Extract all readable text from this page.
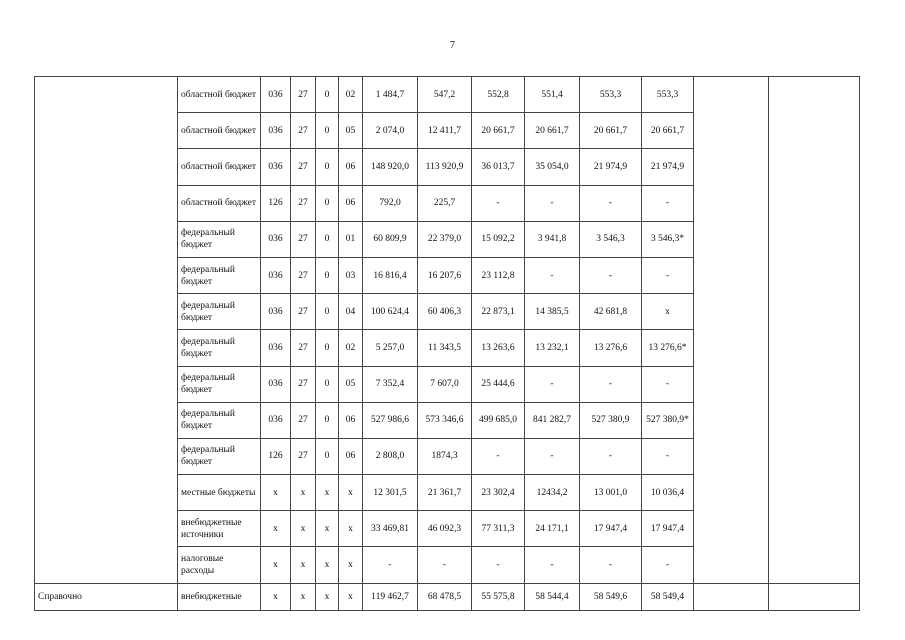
7
	областной бюджет	036	27	0	02	1 484,7	547,2	552,8	551,4	553,3	553,3		
	областной бюджет	036	27	0	05	2 074,0	12 411,7	20 661,7	20 661,7	20 661,7	20 661,7		
	областной бюджет	036	27	0	06	148 920,0	113 920,9	36 013,7	35 054,0	21 974,9	21 974,9		
	областной бюджет	126	27	0	06	792,0	225,7	-	-	-	-		
	федеральный бюджет	036	27	0	01	60 809,9	22 379,0	15 092,2	3 941,8	3 546,3	3 546,3*		
	федеральный бюджет	036	27	0	03	16 816,4	16 207,6	23 112,8	-	-	-		
	федеральный бюджет	036	27	0	04	100 624,4	60 406,3	22 873,1	14 385,5	42 681,8	x		
	федеральный бюджет	036	27	0	02	5 257,0	11 343,5	13 263,6	13 232,1	13 276,6	13 276,6*		
	федеральный бюджет	036	27	0	05	7 352,4	7 607,0	25 444,6	-	-	-		
	федеральный бюджет	036	27	0	06	527 986,6	573 346,6	499 685,0	841 282,7	527 380,9	527 380,9*		
	федеральный бюджет	126	27	0	06	2 808,0	1874,3	-	-	-	-		
	местные бюджеты	x	x	x	x	12 301,5	21 361,7	23 302,4	12434,2	13 001,0	10 036,4		
	внебюджетные источники	x	x	x	x	33 469,81	46 092,3	77 311,3	24 171,1	17 947,4	17 947,4		
	налоговые расходы	x	x	x	x	-	-	-	-	-	-		
Справочно	внебюджетные	x	x	x	x	119 462,7	68 478,5	55 575,8	58 544,4	58 549,6	58 549,4		
